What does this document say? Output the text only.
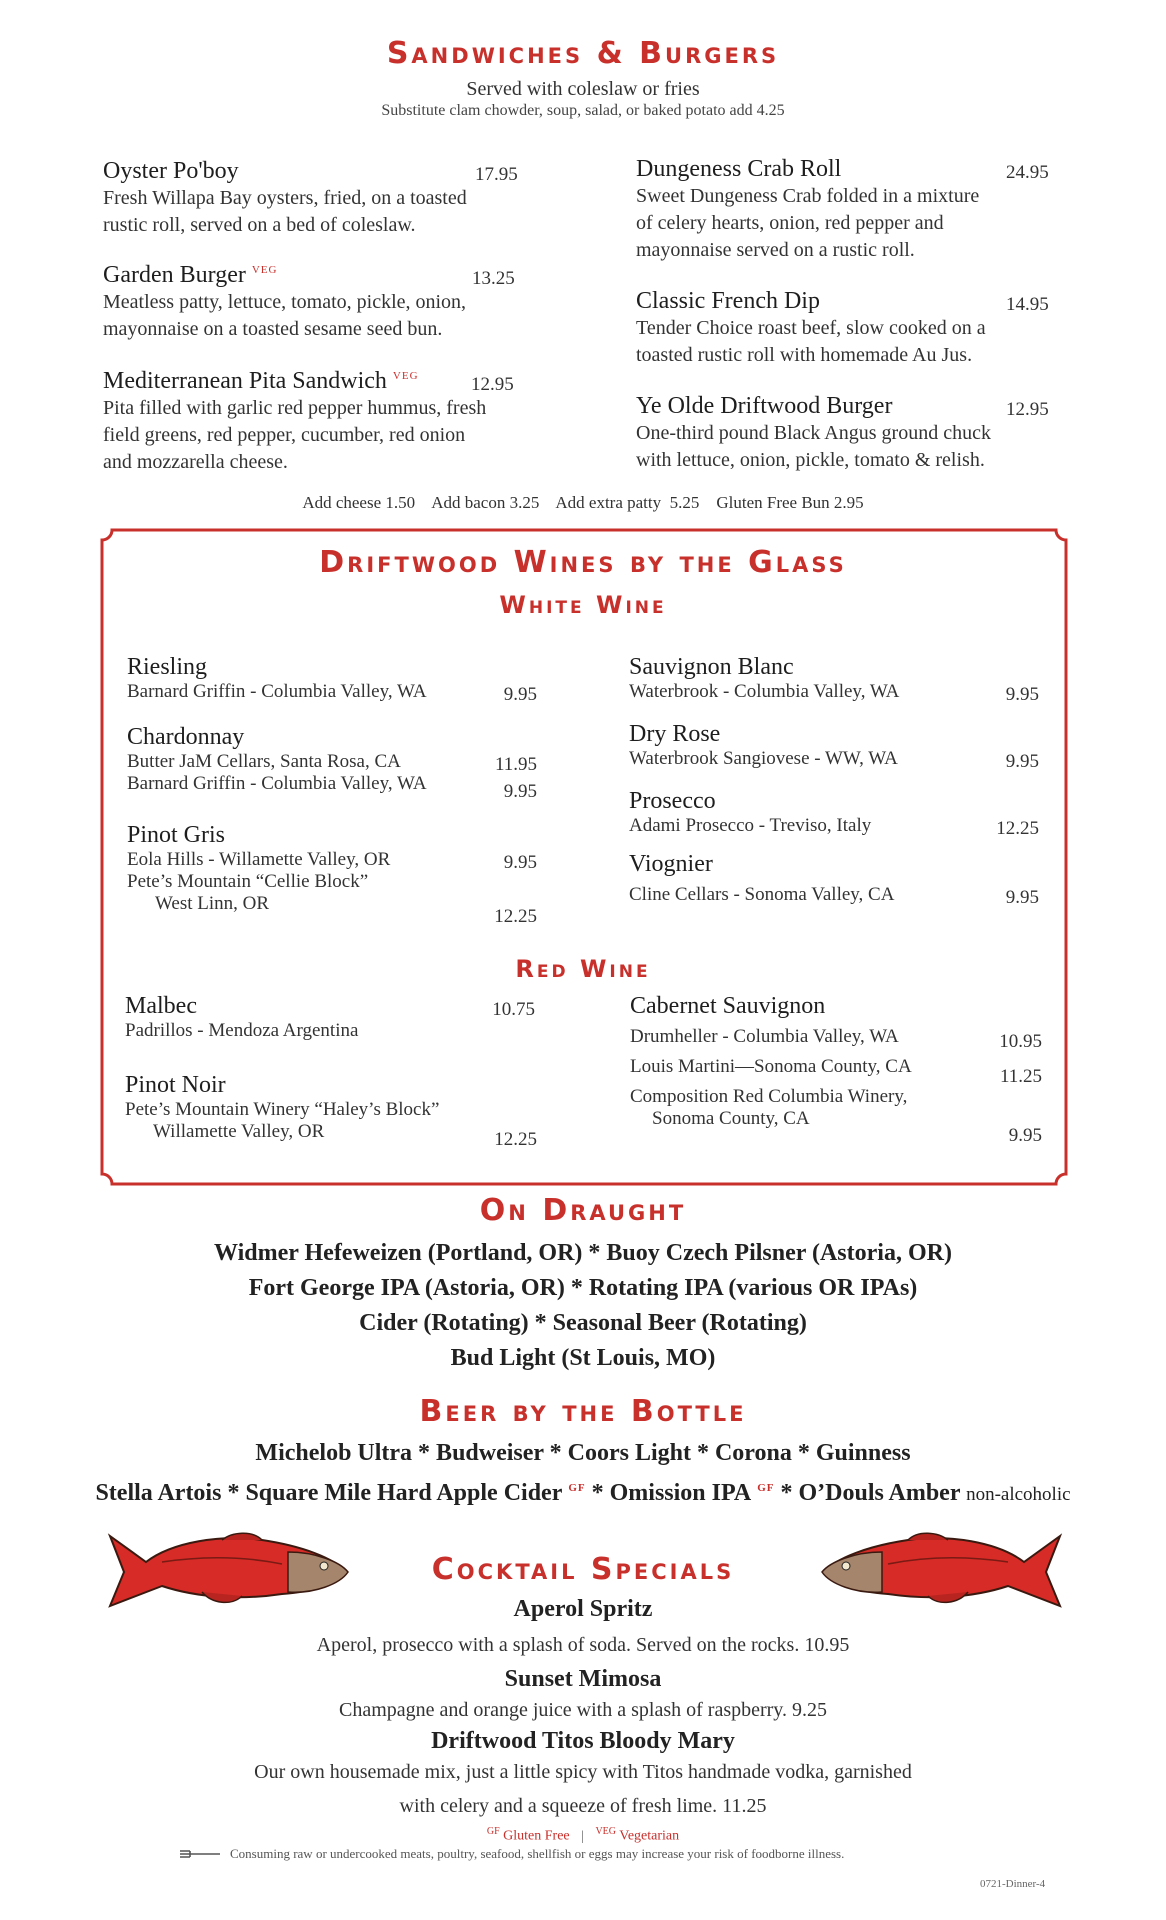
Sandwiches & Burgers
Served with coleslaw or fries
Substitute clam chowder, soup, salad, or baked potato add 4.25
Oyster Po'boy	17.95
Fresh Willapa Bay oysters, fried, on a toasted
rustic roll, served on a bed of coleslaw.
Garden Burger $^{VEG}$	13.25
Meatless patty, lettuce, tomato, pickle, onion,
mayonnaise on a toasted sesame seed bun.
Mediterranean Pita Sandwich $^{VEG}$	12.95
Pita filled with garlic red pepper hummus, fresh
field greens, red pepper, cucumber, red onion
and mozzarella cheese.
Dungeness Crab Roll	24.95
Sweet Dungeness Crab folded in a mixture
of celery hearts, onion, red pepper and
mayonnaise served on a rustic roll.
Classic French Dip	14.95
Tender Choice roast beef, slow cooked on a
toasted rustic roll with homemade Au Jus.
Ye Olde Driftwood Burger	12.95
One-third pound Black Angus ground chuck
with lettuce, onion, pickle, tomato & relish.
Add cheese 1.50    Add bacon 3.25    Add extra patty  5.25    Gluten Free Bun 2.95
Driftwood Wines by the Glass
White Wine
Riesling
Barnard Griffin - Columbia Valley, WA	9.95
Chardonnay
Butter JaM Cellars, Santa Rosa, CA	11.95
Barnard Griffin - Columbia Valley, WA	9.95
Pinot Gris
Eola Hills - Willamette Valley, OR	9.95
Pete’s Mountain “Cellie Block”
West Linn, OR
12.25
Sauvignon Blanc
Waterbrook - Columbia Valley, WA	9.95
Dry Rose
Waterbrook Sangiovese - WW, WA	9.95
Prosecco
Adami Prosecco - Treviso, Italy	12.25
Viognier
Cline Cellars - Sonoma Valley, CA	9.95
Red Wine
Malbec	10.75
Padrillos - Mendoza Argentina
Pinot Noir
Pete’s Mountain Winery “Haley’s Block”
Willamette Valley, OR	12.25
Cabernet Sauvignon
Drumheller - Columbia Valley, WA	10.95
Louis Martini—Sonoma County, CA	11.25
Composition Red Columbia Winery,
Sonoma County, CA
9.95
On Draught
Widmer Hefeweizen (Portland, OR) * Buoy Czech Pilsner (Astoria, OR)
Fort George IPA (Astoria, OR) * Rotating IPA (various OR IPAs)
Cider (Rotating) * Seasonal Beer (Rotating)
Bud Light (St Louis, MO)
Beer by the Bottle
Michelob Ultra * Budweiser * Coors Light * Corona * Guinness
Stella Artois * Square Mile Hard Apple Cider $^{GF}$ * Omission IPA $^{GF}$ * O’Douls Amber non-alcoholic
Cocktail Specials
Aperol Spritz
Aperol, prosecco with a splash of soda. Served on the rocks. 10.95
Sunset Mimosa
Champagne and orange juice with a splash of raspberry. 9.25
Driftwood Titos Bloody Mary
Our own housemade mix, just a little spicy with Titos handmade vodka, garnished
with celery and a squeeze of fresh lime. 11.25
$^{GF}$ Gluten Free | $^{VEG}$ Vegetarian
Consuming raw or undercooked meats, poultry, seafood, shellfish or eggs may increase your risk of foodborne illness.
0721-Dinner-4
